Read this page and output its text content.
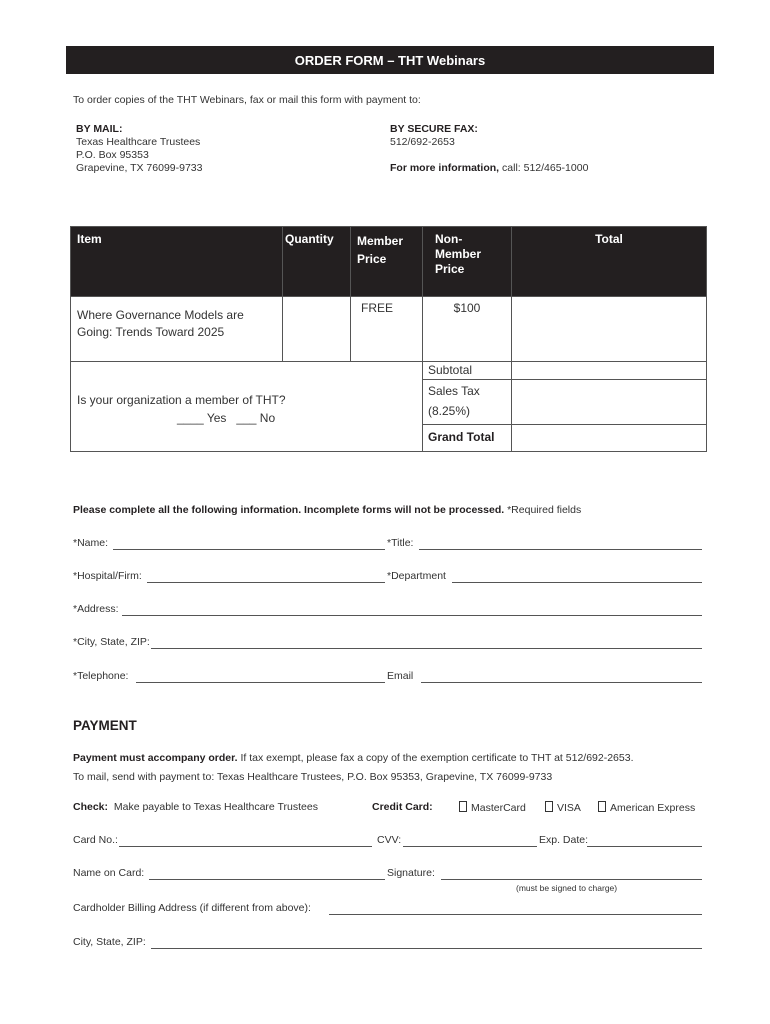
ORDER FORM – THT Webinars
To order copies of the THT Webinars, fax or mail this form with payment to:
BY MAIL:
Texas Healthcare Trustees
P.O. Box 95353
Grapevine, TX 76099-9733
BY SECURE FAX:
512/692-2653
For more information, call: 512/465-1000
Item	Quantity	Member Price	Non-
Member
Price	Total
Where Governance Models are Going: Trends Toward 2025		FREE	$100	

Is your organization a member of THT?
____ Yes ___ No			Subtotal	

			Sales Tax
(8.25%)	

			Grand Total	
Please complete all the following information. Incomplete forms will not be processed. *Required fields
*Name:	*Title:
*Hospital/Firm:	*Department
*Address:
*City, State, ZIP:
*Telephone:	Email
PAYMENT
Payment must accompany order. If tax exempt, please fax a copy of the exemption certificate to THT at 512/692-2653.
To mail, send with payment to: Texas Healthcare Trustees, P.O. Box 95353, Grapevine, TX 76099-9733
Check: Make payable to Texas Healthcare Trustees	Credit Card:	MasterCard	VISA	American Express
Card No.:	CVV:	Exp. Date:
Name on Card:	Signature:
(must be signed to charge)
Cardholder Billing Address (if different from above):
City, State, ZIP:
